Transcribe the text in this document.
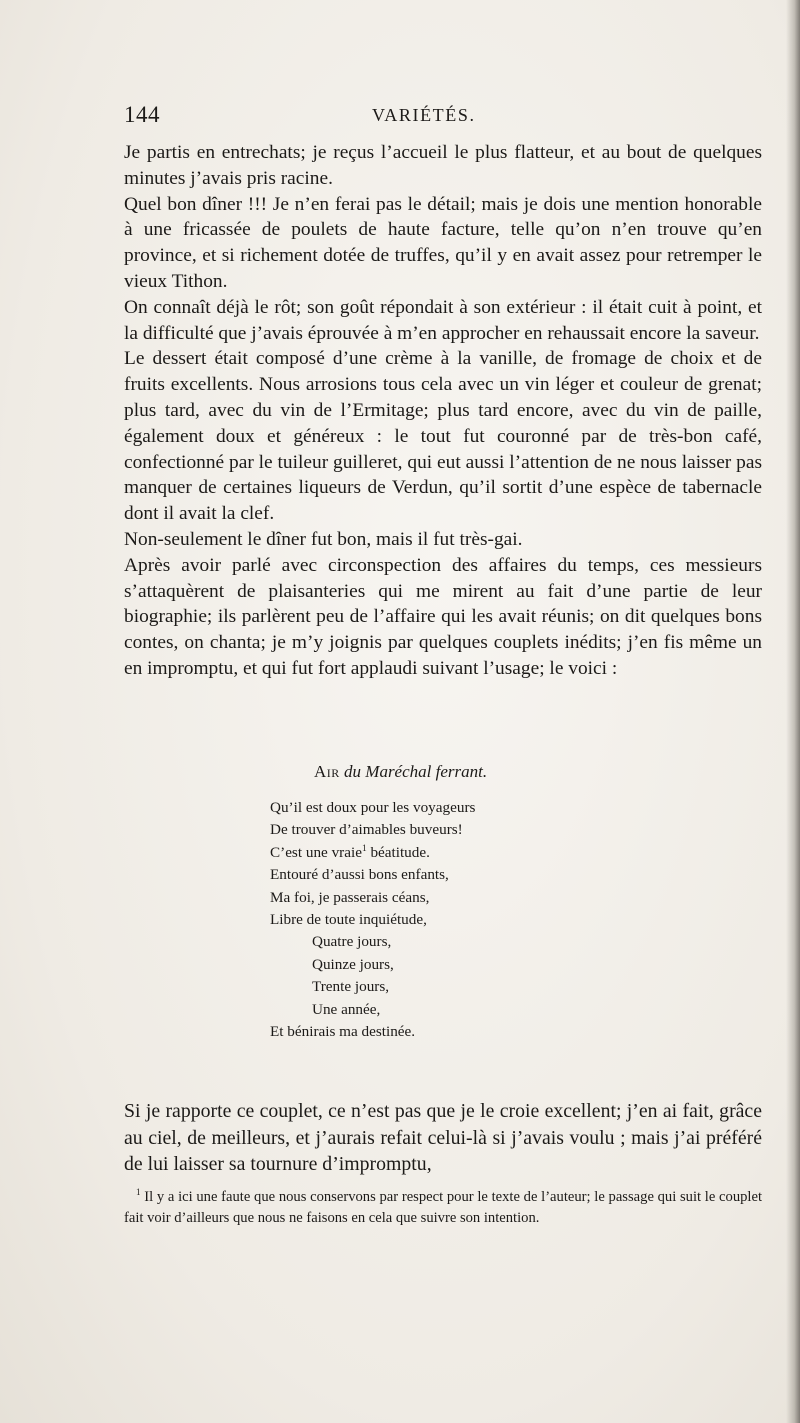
144	VARIÉTÉS.

Je partis en entrechats; je reçus l’accueil le plus flatteur, et au bout de quelques minutes j’avais pris racine.

Quel bon dîner !!! Je n’en ferai pas le détail; mais je dois une mention honorable à une fricassée de poulets de haute facture, telle qu’on n’en trouve qu’en province, et si richement dotée de truffes, qu’il y en avait assez pour retremper le vieux Tithon.

On connaît déjà le rôt; son goût répondait à son extérieur : il était cuit à point, et la difficulté que j’avais éprouvée à m’en approcher en rehaussait encore la saveur.

Le dessert était composé d’une crème à la vanille, de fromage de choix et de fruits excellents. Nous arrosions tous cela avec un vin léger et couleur de grenat; plus tard, avec du vin de l’Ermitage; plus tard encore, avec du vin de paille, également doux et généreux : le tout fut couronné par de très-bon café, confectionné par le tuileur guilleret, qui eut aussi l’attention de ne nous laisser pas manquer de certaines liqueurs de Verdun, qu’il sortit d’une espèce de tabernacle dont il avait la clef.

Non-seulement le dîner fut bon, mais il fut très-gai.

Après avoir parlé avec circonspection des affaires du temps, ces messieurs s’attaquèrent de plaisanteries qui me mirent au fait d’une partie de leur biographie; ils parlèrent peu de l’affaire qui les avait réunis; on dit quelques bons contes, on chanta; je m’y joignis par quelques couplets inédits; j’en fis même un en impromptu, et qui fut fort applaudi suivant l’usage; le voici :

Air du Maréchal ferrant.
Qu’il est doux pour les voyageurs
De trouver d’aimables buveurs!
C’est une vraie$^1$ béatitude.
Entouré d’aussi bons enfants,
Ma foi, je passerais céans,
Libre de toute inquiétude,
Quatre jours,
Quinze jours,
Trente jours,
Une année,
Et bénirais ma destinée.

Si je rapporte ce couplet, ce n’est pas que je le croie excellent; j’en ai fait, grâce au ciel, de meilleurs, et j’aurais refait celui-là si j’avais voulu ; mais j’ai préféré de lui laisser sa tournure d’impromptu,

$^1$ Il y a ici une faute que nous conservons par respect pour le texte de l’auteur; le passage qui suit le couplet fait voir d’ailleurs que nous ne faisons en cela que suivre son intention.
